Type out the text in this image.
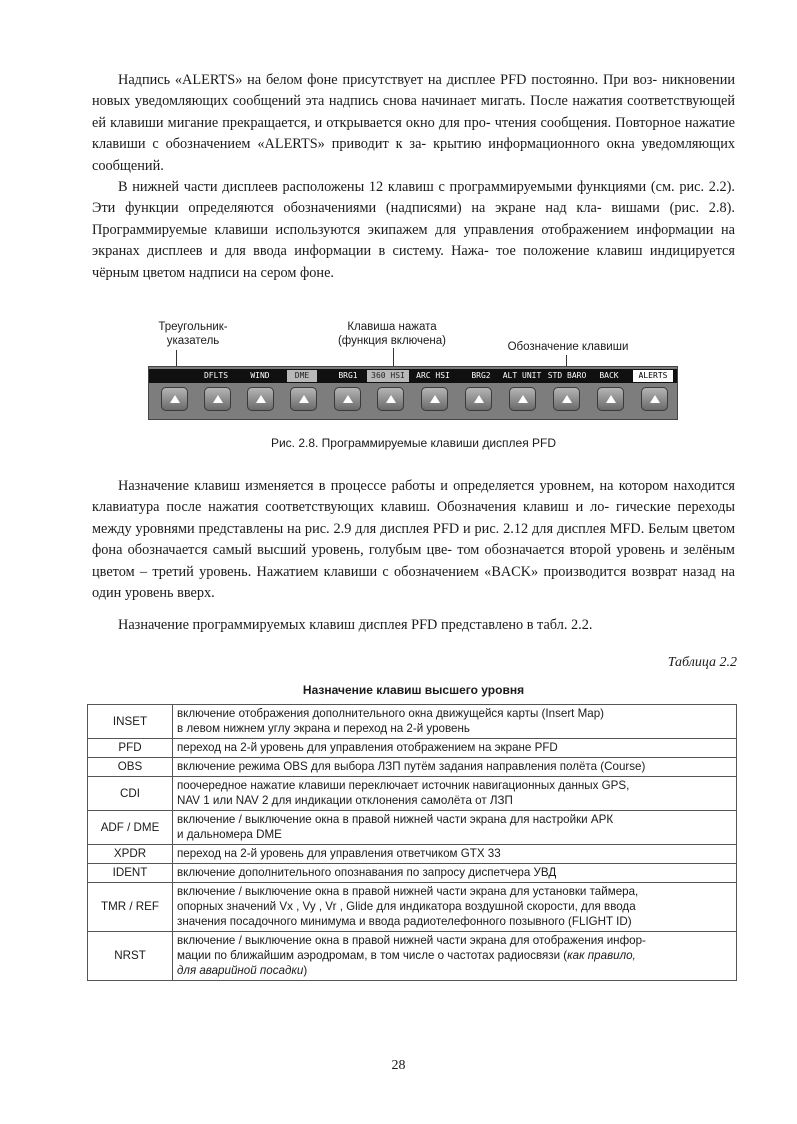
Надпись «ALERTS» на белом фоне присутствует на дисплее PFD постоянно. При воз- никновении новых уведомляющих сообщений эта надпись снова начинает мигать. После нажатия соответствующей ей клавиши мигание прекращается, и открывается окно для про- чтения сообщения. Повторное нажатие клавиши с обозначением «ALERTS» приводит к за- крытию информационного окна уведомляющих сообщений.

В нижней части дисплеев расположены 12 клавиш с программируемыми функциями (см. рис. 2.2). Эти функции определяются обозначениями (надписями) на экране над кла- вишами (рис. 2.8). Программируемые клавиши используются экипажем для управления отображением информации на экранах дисплеев и для ввода информации в систему. Нажа- тое положение клавиш индицируется чёрным цветом надписи на сером фоне.

Треугольник-
указатель
Клавиша нажата
(функция включена)	Обозначение клавиши
DFLTS	WIND	DME	BRG1	360 HSI	ARC HSI	BRG2	ALT UNIT STD BARO	BACK	ALERTS
Рис. 2.8. Программируемые клавиши дисплея PFD

Назначение клавиш изменяется в процессе работы и определяется уровнем, на котором находится клавиатура после нажатия соответствующих клавиш. Обозначения клавиш и ло- гические переходы между уровнями представлены на рис. 2.9 для дисплея PFD и рис. 2.12 для дисплея MFD. Белым цветом фона обозначается самый высший уровень, голубым цве- том обозначается второй уровень и зелёным цветом – третий уровень. Нажатием клавиши с обозначением «BACK» производится возврат назад на один уровень вверх.

Назначение программируемых клавиш дисплея PFD представлено в табл. 2.2.

Таблица 2.2
Назначение клавиш высшего уровня
INSET	включение отображения дополнительного окна движущейся карты (Insert Map)
в левом нижнем углу экрана и переход на 2-й уровень
PFD	переход на 2-й уровень для управления отображением на экране PFD
OBS	включение режима OBS для выбора ЛЗП путём задания направления полёта (Course)
CDI	поочередное нажатие клавиши переключает источник навигационных данных GPS,
NAV 1 или NAV 2 для индикации отклонения самолёта от ЛЗП
ADF / DME	включение / выключение окна в правой нижней части экрана для настройки АРК
и дальномера DME
XPDR	переход на 2-й уровень для управления ответчиком GTX 33
IDENT	включение дополнительного опознавания по запросу диспетчера УВД
TMR / REF	включение / выключение окна в правой нижней части экрана для установки таймера,
опорных значений Vx , Vy , Vr , Glide для индикатора воздушной скорости, для ввода
значения посадочного минимума и ввода радиотелефонного позывного (FLIGHT ID)
NRST	включение / выключение окна в правой нижней части экрана для отображения инфор-
мации по ближайшим аэродромам, в том числе о частотах радиосвязи (как правило,
для аварийной посадки)
28
